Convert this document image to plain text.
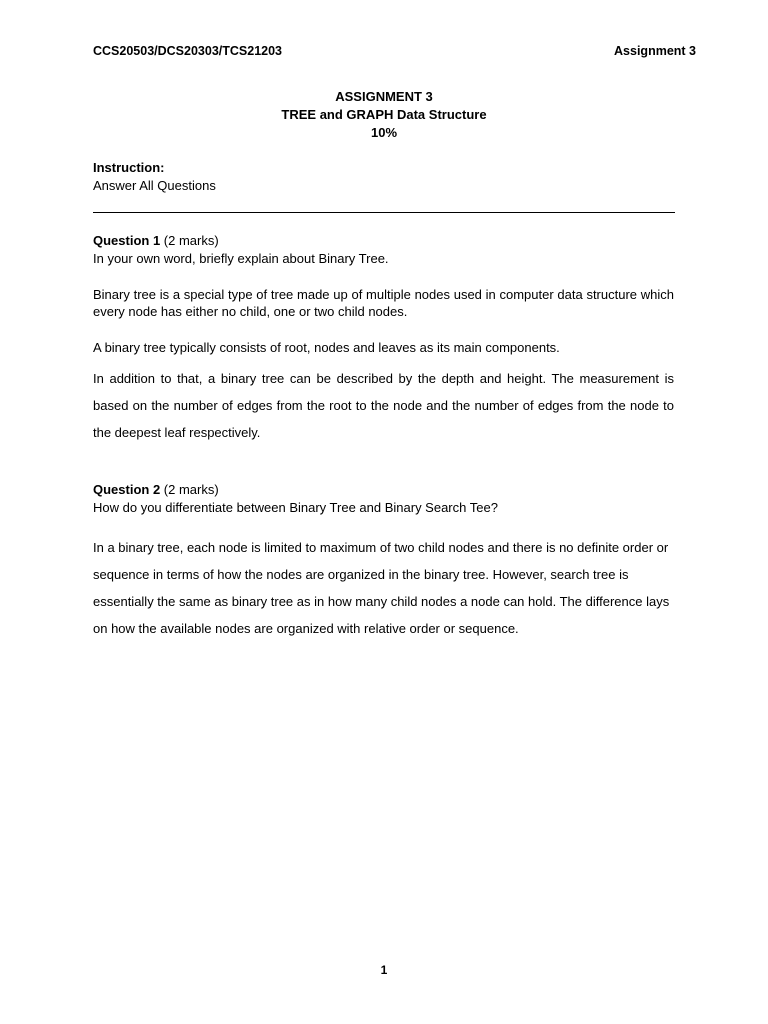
CCS20503/DCS20303/TCS21203	Assignment 3
ASSIGNMENT 3
TREE and GRAPH Data Structure
10%
Instruction:
Answer All Questions
Question 1 (2 marks)
In your own word, briefly explain about Binary Tree.

Binary tree is a special type of tree made up of multiple nodes used in computer data structure which every node has either no child, one or two child nodes.

A binary tree typically consists of root, nodes and leaves as its main components.

In addition to that, a binary tree can be described by the depth and height. The measurement is based on the number of edges from the root to the node and the number of edges from the node to the deepest leaf respectively.

Question 2 (2 marks)
How do you differentiate between Binary Tree and Binary Search Tee?

In a binary tree, each node is limited to maximum of two child nodes and there is no definite order or sequence in terms of how the nodes are organized in the binary tree. However, search tree is essentially the same as binary tree as in how many child nodes a node can hold. The difference lays on how the available nodes are organized with relative order or sequence.

1
